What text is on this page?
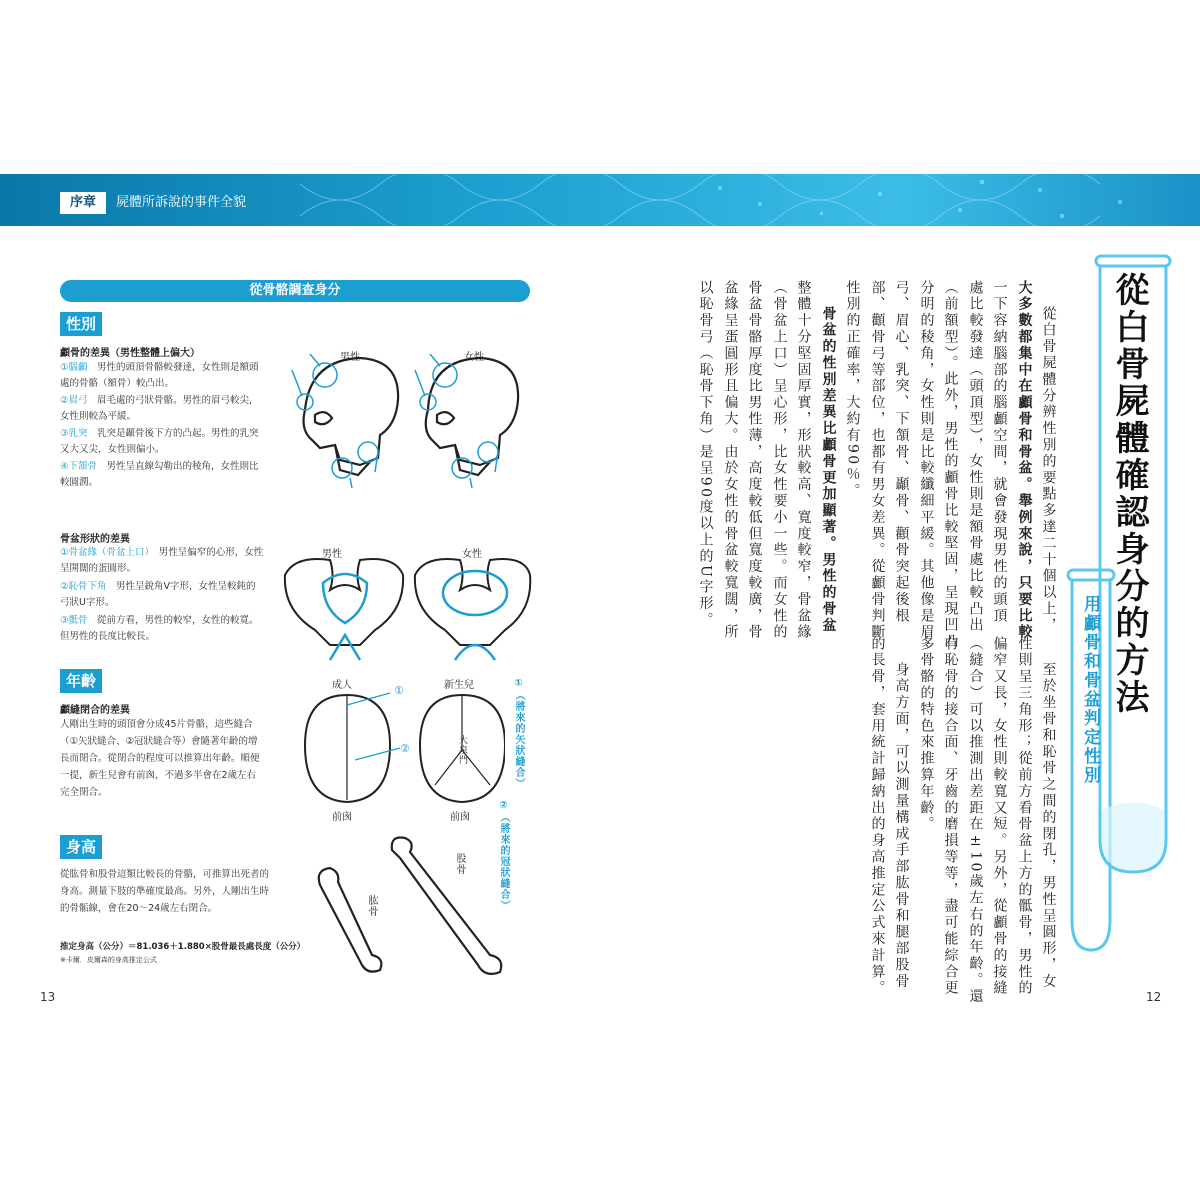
序章	屍體所訴說的事件全貌
從骨骼調查身分
性別
顱骨的差異（男性整體上偏大）
①腦顱　 男性的頭頂骨骼較發達，女性則是額頭處的骨骼（額骨）較凸出。
②眉弓　 眉毛處的弓狀骨骼。男性的眉弓較尖，女性則較為平緩。
③乳突　 乳突是顳骨後下方的凸起。男性的乳突又大又尖，女性則偏小。
④下頷骨　 男性呈直線勾勒出的稜角，女性則比較圓潤。
男性	女性
骨盆形狀的差異
①骨盆緣（骨盆上口）　 男性呈偏窄的心形，女性呈開闊的蛋圓形。
②恥骨下角　 男性呈銳角V字形，女性呈較鈍的弓狀U字形。
③骶骨　 從前方看，男性的較窄，女性的較寬。但男性的長度比較長。
男性	女性
年齡
顱縫閉合的差異
人剛出生時的頭頂會分成45片骨骼，這些縫合（①矢狀縫合、②冠狀縫合等）會隨著年齡的增長而閉合。從閉合的程度可以推算出年齡。順便一提，新生兒會有前囪，不過多半會在2歲左右完全閉合。
成人	新生兒
①
②	大泉門
前囪	前囪
①（將來的矢狀縫合）
②（將來的冠狀縫合）
身高
從肱骨和股骨這類比較長的骨骼，可推算出死者的身高。測量下肢的準確度最高。另外，人剛出生時的骨骺線，會在20〜24歲左右閉合。
推定身高（公分）＝81.036＋1.880×股骨最長處長度（公分）
※卡爾．皮爾森的身高推定公式
肱骨
股骨
13
從白骨屍體確認身分的方法
用顱骨和骨盆判定性別
從白骨屍體分辨性別的要點多達二十個以上，
大多數都集中在顱骨和骨盆。舉例來說，只要比較
一下容納腦部的腦顱空間，就會發現男性的頭頂
處比較發達（頭頂型），女性則是額骨處比較凸出
（前額型）。此外，男性的顱骨比較堅固，呈現凹凸
分明的稜角，女性則是比較纖細平緩。其他像是眉
弓、眉心、乳突、下頷骨、顳骨、顴骨突起後根
部、顴骨弓等部位，也都有男女差異。從顱骨判斷
性別的正確率，大約有90％。
骨盆的性別差異比顱骨更加顯著。男性的骨盆
整體十分堅固厚實，形狀較高、寬度較窄，骨盆緣
（骨盆上口）呈心形，比女性要小一些。而女性的
骨盆骨骼厚度比男性薄，高度較低但寬度較廣，骨
盆緣呈蛋圓形且偏大。由於女性的骨盆較寬闊，所
以恥骨弓（恥骨下角）是呈90度以上的U字形。
至於坐骨和恥骨之間的閉孔，男性呈圓形，女
性則呈三角形；從前方看骨盆上方的骶骨，男性的
偏窄又長，女性則較寬又短。另外，從顱骨的接縫
（縫合）可以推測出差距在±10歲左右的年齡。還
有恥骨的接合面、牙齒的磨損等等，盡可能綜合更
多骨骼的特色來推算年齡。
身高方面，可以測量構成手部肱骨和腿部股骨
的長骨，套用統計歸納出的身高推定公式來計算。
12
